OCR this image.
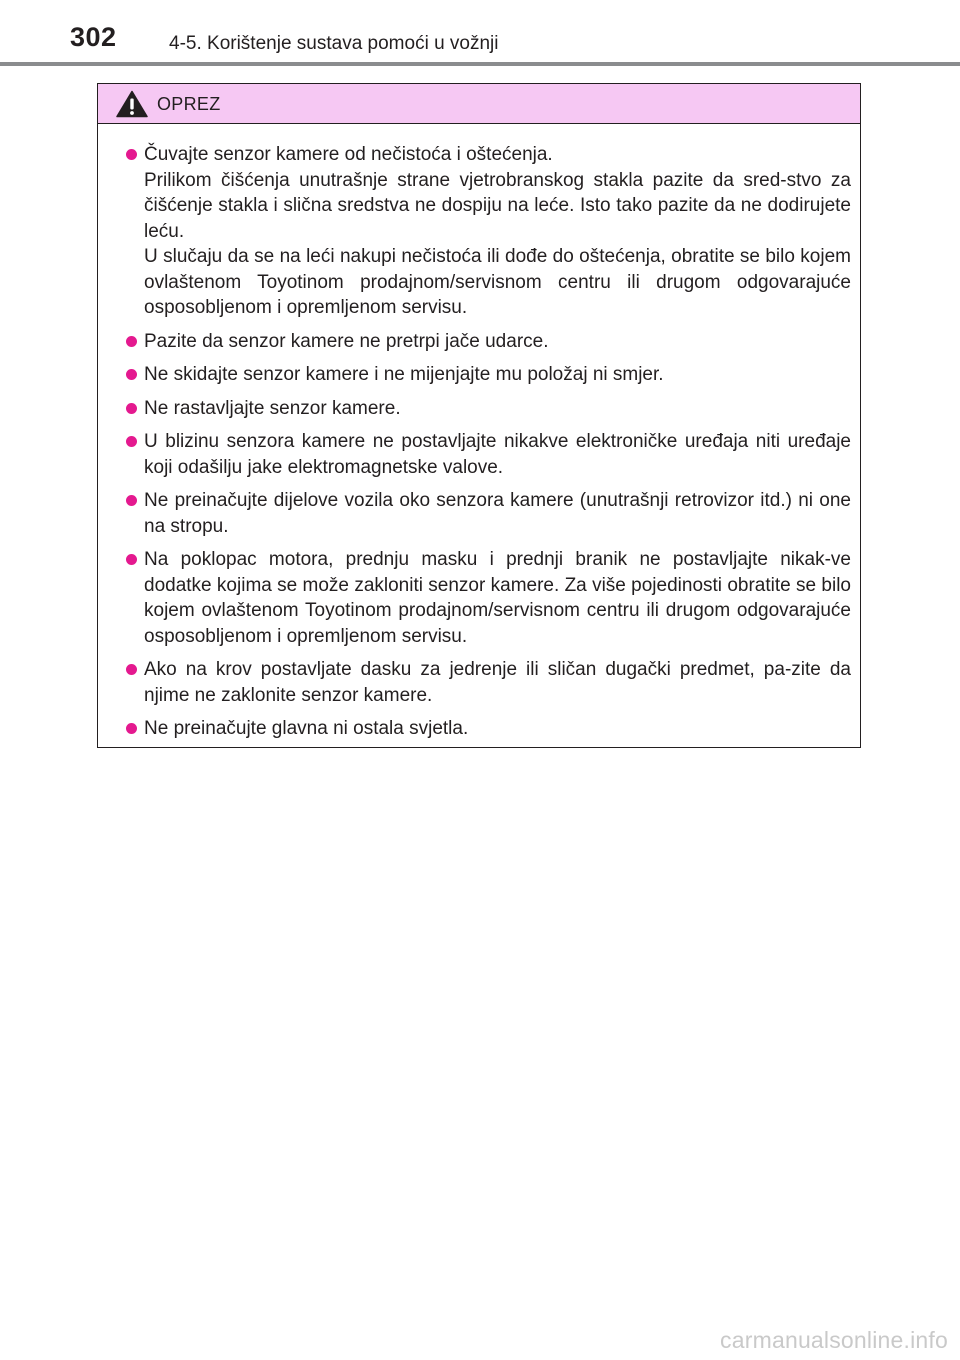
302	4-5. Korištenje sustava pomoći u vožnji
OPREZ
Čuvajte senzor kamere od nečistoća i oštećenja.
Prilikom čišćenja unutrašnje strane vjetrobranskog stakla pazite da sred-stvo za čišćenje stakla i slična sredstva ne dospiju na leće. Isto tako pazite da ne dodirujete leću.
U slučaju da se na leći nakupi nečistoća ili dođe do oštećenja, obratite se bilo kojem ovlaštenom Toyotinom prodajnom/servisnom centru ili drugom odgovarajuće osposobljenom i opremljenom servisu.
Pazite da senzor kamere ne pretrpi jače udarce.
Ne skidajte senzor kamere i ne mijenjajte mu položaj ni smjer.
Ne rastavljajte senzor kamere.
U blizinu senzora kamere ne postavljajte nikakve elektroničke uređaja niti uređaje koji odašilju jake elektromagnetske valove.
Ne preinačujte dijelove vozila oko senzora kamere (unutrašnji retrovizor itd.) ni one na stropu.
Na poklopac motora, prednju masku i prednji branik ne postavljajte nikak-ve dodatke kojima se može zakloniti senzor kamere. Za više pojedinosti obratite se bilo kojem ovlaštenom Toyotinom prodajnom/servisnom centru ili drugom odgovarajuće osposobljenom i opremljenom servisu.
Ako na krov postavljate dasku za jedrenje ili sličan dugački predmet, pa-zite da njime ne zaklonite senzor kamere.
Ne preinačujte glavna ni ostala svjetla.
carmanualsonline.info
